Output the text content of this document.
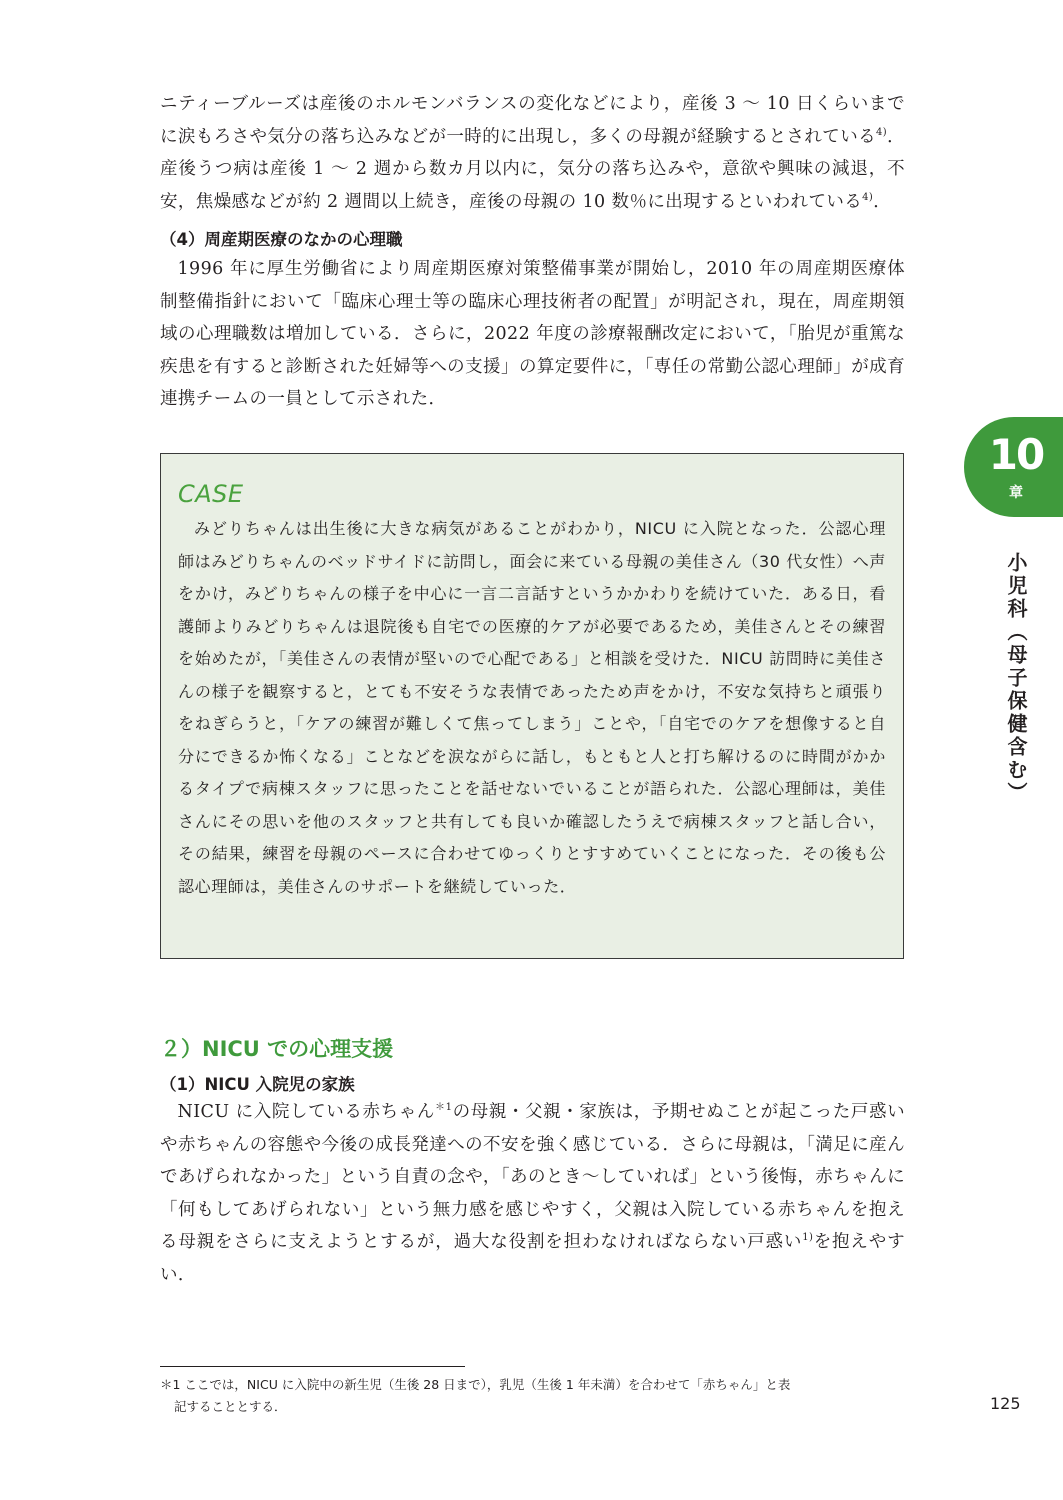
ニティーブルーズは産後のホルモンバランスの変化などにより，産後 3 ～ 10 日くらいまでに涙もろさや気分の落ち込みなどが一時的に出現し，多くの母親が経験するとされている$^{4)}$．産後うつ病は産後 1 ～ 2 週から数カ月以内に，気分の落ち込みや，意欲や興味の減退，不安，焦燥感などが約 2 週間以上続き，産後の母親の 10 数％に出現するといわれている$^{4)}$．

（4）周産期医療のなかの心理職

1996 年に厚生労働省により周産期医療対策整備事業が開始し，2010 年の周産期医療体制整備指針において「臨床心理士等の臨床心理技術者の配置」が明記され，現在，周産期領域の心理職数は増加している．さらに，2022 年度の診療報酬改定において，「胎児が重篤な疾患を有すると診断された妊婦等への支援」の算定要件に，「専任の常勤公認心理師」が成育連携チームの一員として示された．

CASE

みどりちゃんは出生後に大きな病気があることがわかり，NICU に入院となった．公認心理師はみどりちゃんのベッドサイドに訪問し，面会に来ている母親の美佳さん（30 代女性）へ声をかけ，みどりちゃんの様子を中心に一言二言話すというかかわりを続けていた．ある日，看護師よりみどりちゃんは退院後も自宅での医療的ケアが必要であるため，美佳さんとその練習を始めたが，「美佳さんの表情が堅いので心配である」と相談を受けた．NICU 訪問時に美佳さんの様子を観察すると，とても不安そうな表情であったため声をかけ，不安な気持ちと頑張りをねぎらうと，「ケアの練習が難しくて焦ってしまう」ことや，「自宅でのケアを想像すると自分にできるか怖くなる」ことなどを涙ながらに話し，もともと人と打ち解けるのに時間がかかるタイプで病棟スタッフに思ったことを話せないでいることが語られた．公認心理師は，美佳さんにその思いを他のスタッフと共有しても良いか確認したうえで病棟スタッフと話し合い，その結果，練習を母親のペースに合わせてゆっくりとすすめていくことになった．その後も公認心理師は，美佳さんのサポートを継続していった．

10
章
小児科（母子保健含む）
２）NICU での心理支援
（1）NICU 入院児の家族

NICU に入院している赤ちゃん$^{*1}$の母親・父親・家族は，予期せぬことが起こった戸惑いや赤ちゃんの容態や今後の成長発達への不安を強く感じている．さらに母親は，「満足に産んであげられなかった」という自責の念や，「あのとき～していれば」という後悔，赤ちゃんに「何もしてあげられない」という無力感を感じやすく，父親は入院している赤ちゃんを抱える母親をさらに支えようとするが，過大な役割を担わなければならない戸惑い$^{1)}$を抱えやすい．

＊1 ここでは，NICU に入院中の新生児（生後 28 日まで），乳児（生後 1 年未満）を合わせて「赤ちゃん」と表
記することとする．	125
